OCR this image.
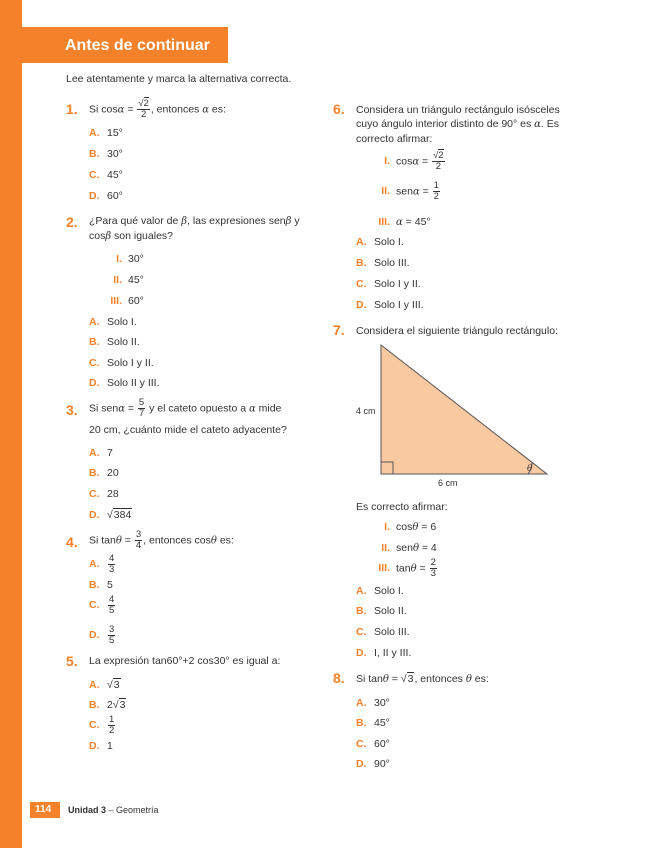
Antes de continuar
Lee atentamente y marca la alternativa correcta.
1. Si $\cos\alpha = \frac{√2}{2}$ , entonces α es:
A. 15°
B. 30°
C. 45°
D. 60°
2. ¿Para qué valor de β, las expresiones senβ y
cosβ son iguales?
I. 30°
II. 45°
III. 60°
A. Solo I.
B. Solo II.
C. Solo I y II.
D. Solo II y III.
3. Si $sen\alpha = \frac{5}{7}$ y el cateto opuesto a α mide
20 cm, ¿cuánto mide el cateto adyacente?
A. 7
B. 20
C. 28
D. √384
4. Si $\tan\theta = \frac{3}{4}$ , entonces cosθ es:
A. $\frac{4}{3}$
B. 5
C. $\frac{4}{5}$
D. $\frac{3}{5}$
5. La expresión tan60°+2 cos30° es igual a:
A. √3
B. 2√3
C. $\frac{1}{2}$
D. 1
6. Considera un triángulo rectángulo isósceles
cuyo ángulo interior distinto de 90° es α. Es
correcto afirmar:
I. $\cos\alpha = \frac{√2}{2}$
II. $sen\alpha = \frac{1}{2}$
III. α = 45°
A. Solo I.
B. Solo III.
C. Solo I y II.
D. Solo I y III.
7. Considera el siguiente triángulo rectángulo:
4 cm
6 cm
θ
Es correcto afirmar:
I. cosθ = 6
II. senθ = 4
III. $\tan\theta = \frac{2}{3}$
A. Solo I.
B. Solo II.
C. Solo III.
D. I, II y III.
8. Si tanθ = √3, entonces θ es:
A. 30°
B. 45°
C. 60°
D. 90°
114 Unidad 3 – Geometría
